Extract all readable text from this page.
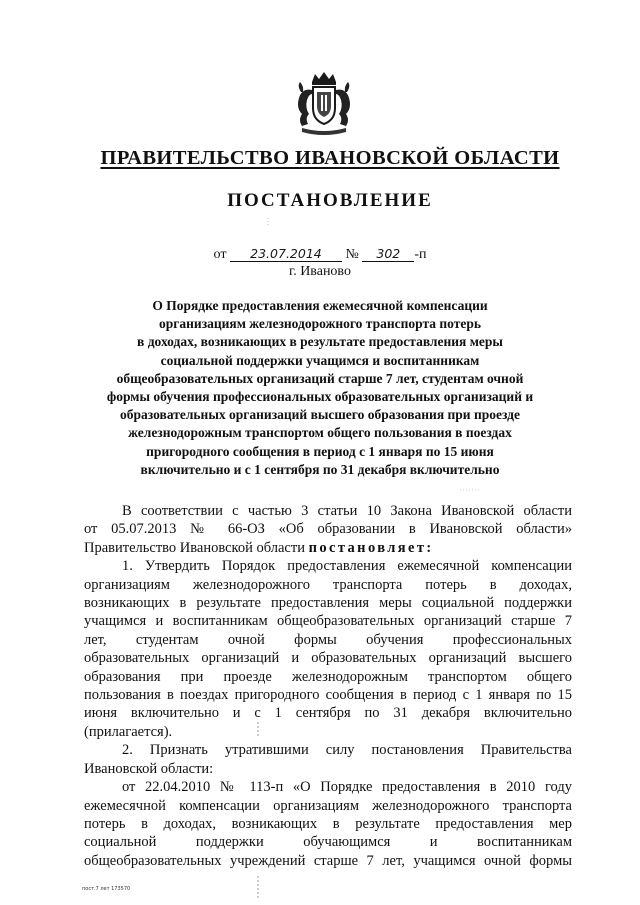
ПРАВИТЕЛЬСТВО ИВАНОВСКОЙ ОБЛАСТИ
ПОСТАНОВЛЕНИЕ
от 23.07.2014 № 302 -п
г. Иваново
О Порядке предоставления ежемесячной компенсации
организациям железнодорожного транспорта потерь
в доходах, возникающих в результате предоставления меры
социальной поддержки учащимся и воспитанникам
общеобразовательных организаций старше 7 лет, студентам очной
формы обучения профессиональных образовательных организаций и
образовательных организаций высшего образования при проезде
железнодорожным транспортом общего пользования в поездах
пригородного сообщения в период с 1 января по 15 июня
включительно и с 1 сентября по 31 декабря включительно
В соответствии с частью 3 статьи 10 Закона Ивановской области
от 05.07.2013 № 66-ОЗ «Об образовании в Ивановской области»
Правительство Ивановской области постановляет:
1. Утвердить Порядок предоставления ежемесячной компенсации
организациям железнодорожного транспорта потерь в доходах,
возникающих в результате предоставления меры социальной поддержки
учащимся и воспитанникам общеобразовательных организаций старше 7
лет, студентам очной формы обучения профессиональных
образовательных организаций и образовательных организаций высшего
образования при проезде железнодорожным транспортом общего
пользования в поездах пригородного сообщения в период с 1 января по 15
июня включительно и с 1 сентября по 31 декабря включительно
(прилагается).
2. Признать утратившими силу постановления Правительства
Ивановской области:
от 22.04.2010 № 113-п «О Порядке предоставления в 2010 году
ежемесячной компенсации организациям железнодорожного транспорта
потерь в доходах, возникающих в результате предоставления мер
социальной поддержки обучающимся и воспитанникам
общеобразовательных учреждений старше 7 лет, учащимся очной формы
пост.7 лет 173570
